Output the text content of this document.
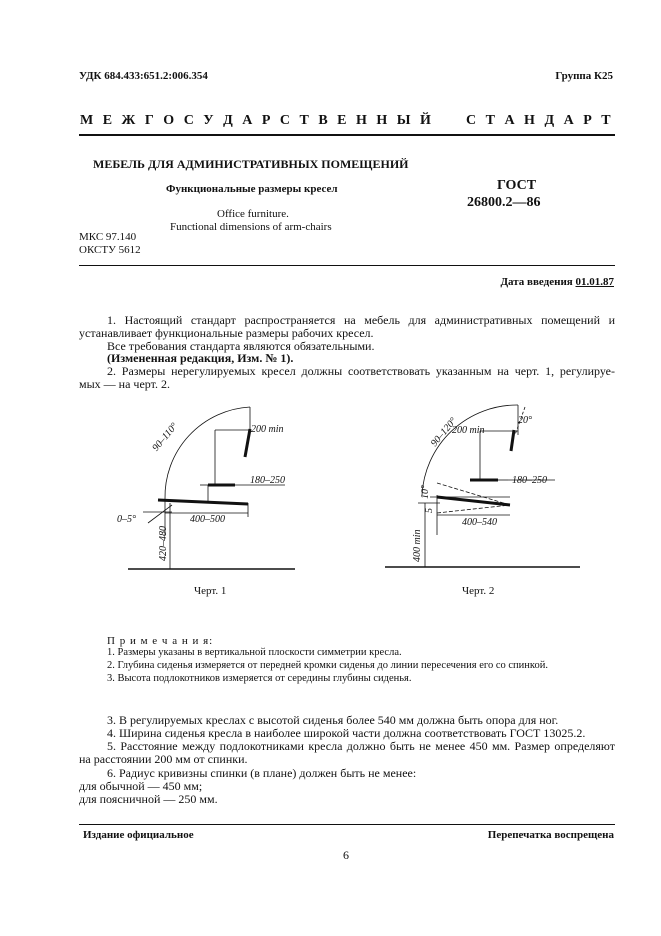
УДК 684.433:651.2:006.354	Группа К25
М Е Ж Г О С У Д А Р С Т В Е Н Н Ы Й С Т А Н Д А Р Т
МЕБЕЛЬ ДЛЯ АДМИНИСТРАТИВНЫХ ПОМЕЩЕНИЙ
Функциональные размеры кресел
Office furniture.
Functional dimensions of arm-chairs
ГОСТ
26800.2—86
МКС 97.140
ОКСТУ 5612
Дата введения 01.01.87
1. Настоящий стандарт распространяется на мебель для административных помещений и
устанавливает функциональные размеры рабочих кресел.
Все требования стандарта являются обязательными.
(Измененная редакция, Изм. № 1).
2. Размеры нерегулируемых кресел должны соответствовать указанным на черт. 1, регулируе-
мых — на черт. 2.
90–110°	200 min
180–250
400–500
0–5°
420–480
Черт. 1
90–120°
200 min
20°
180–250
10°
5
400–540
400 min
Черт. 2
П р и м е ч а н и я:
1. Размеры указаны в вертикальной плоскости симметрии кресла.
2. Глубина сиденья измеряется от передней кромки сиденья до линии пересечения его со спинкой.
3. Высота подлокотников измеряется от середины глубины сиденья.
3. В регулируемых креслах с высотой сиденья более 540 мм должна быть опора для ног.
4. Ширина сиденья кресла в наиболее широкой части должна соответствовать ГОСТ 13025.2.
5. Расстояние между подлокотниками кресла должно быть не менее 450 мм. Размер определяют
на расстоянии 200 мм от спинки.
6. Радиус кривизны спинки (в плане) должен быть не менее:
для обычной — 450 мм;
для поясничной — 250 мм.
Издание официальное	Перепечатка воспрещена
6
